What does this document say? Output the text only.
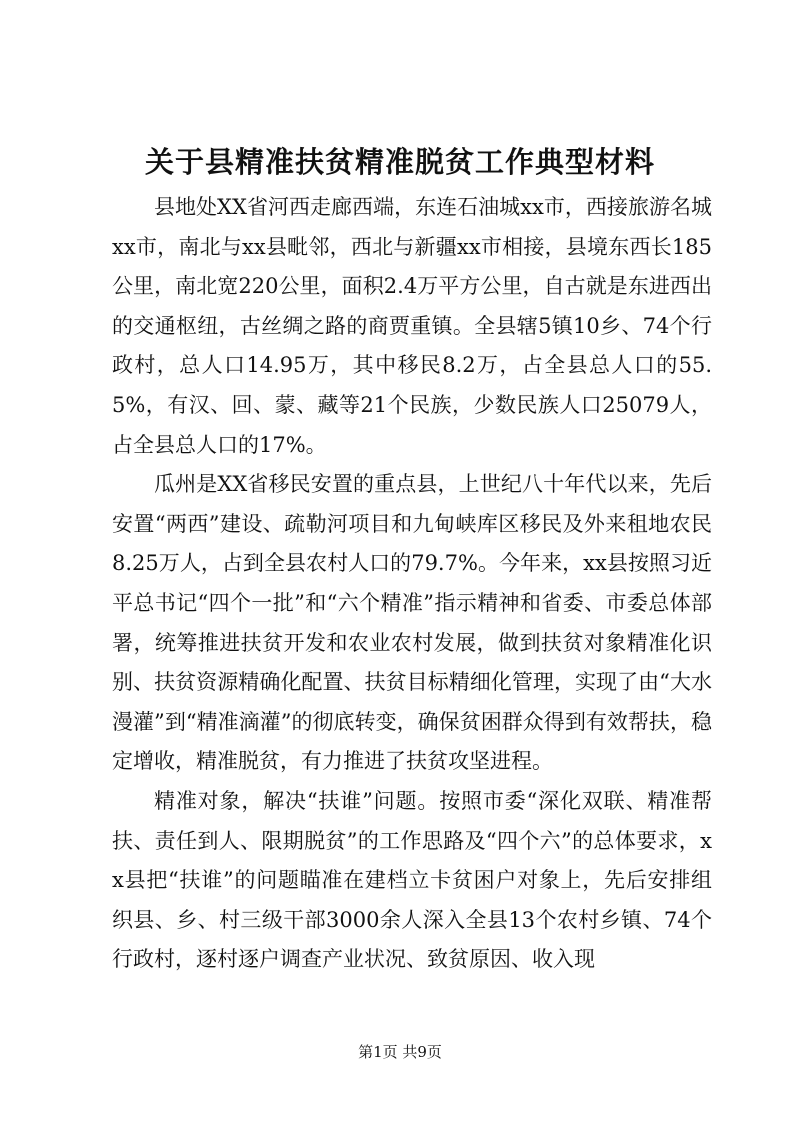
关于县精准扶贫精准脱贫工作典型材料

县地处XX省河西走廊西端，东连石油城xx市，西接旅游名城xx市，南北与xx县毗邻，西北与新疆xx市相接，县境东西长185公里，南北宽220公里，面积2.4万平方公里，自古就是东进西出的交通枢纽，古丝绸之路的商贾重镇。全县辖5镇10乡、74个行政村，总人口14.95万，其中移民8.2万，占全县总人口的55.5%，有汉、回、蒙、藏等21个民族，少数民族人口25079人，占全县总人口的17%。

瓜州是XX省移民安置的重点县，上世纪八十年代以来，先后安置“两西”建设、疏勒河项目和九甸峡库区移民及外来租地农民8.25万人，占到全县农村人口的79.7%。今年来，xx县按照习近平总书记“四个一批”和“六个精准”指示精神和省委、市委总体部署，统筹推进扶贫开发和农业农村发展，做到扶贫对象精准化识别、扶贫资源精确化配置、扶贫目标精细化管理，实现了由“大水漫灌”到“精准滴灌”的彻底转变，确保贫困群众得到有效帮扶，稳定增收，精准脱贫，有力推进了扶贫攻坚进程。

精准对象，解决“扶谁”问题。按照市委“深化双联、精准帮扶、责任到人、限期脱贫”的工作思路及“四个六”的总体要求，xx县把“扶谁”的问题瞄准在建档立卡贫困户对象上，先后安排组织县、乡、村三级干部3000余人深入全县13个农村乡镇、74个行政村，逐村逐户调查产业状况、致贫原因、收入现

第1页 共9页
